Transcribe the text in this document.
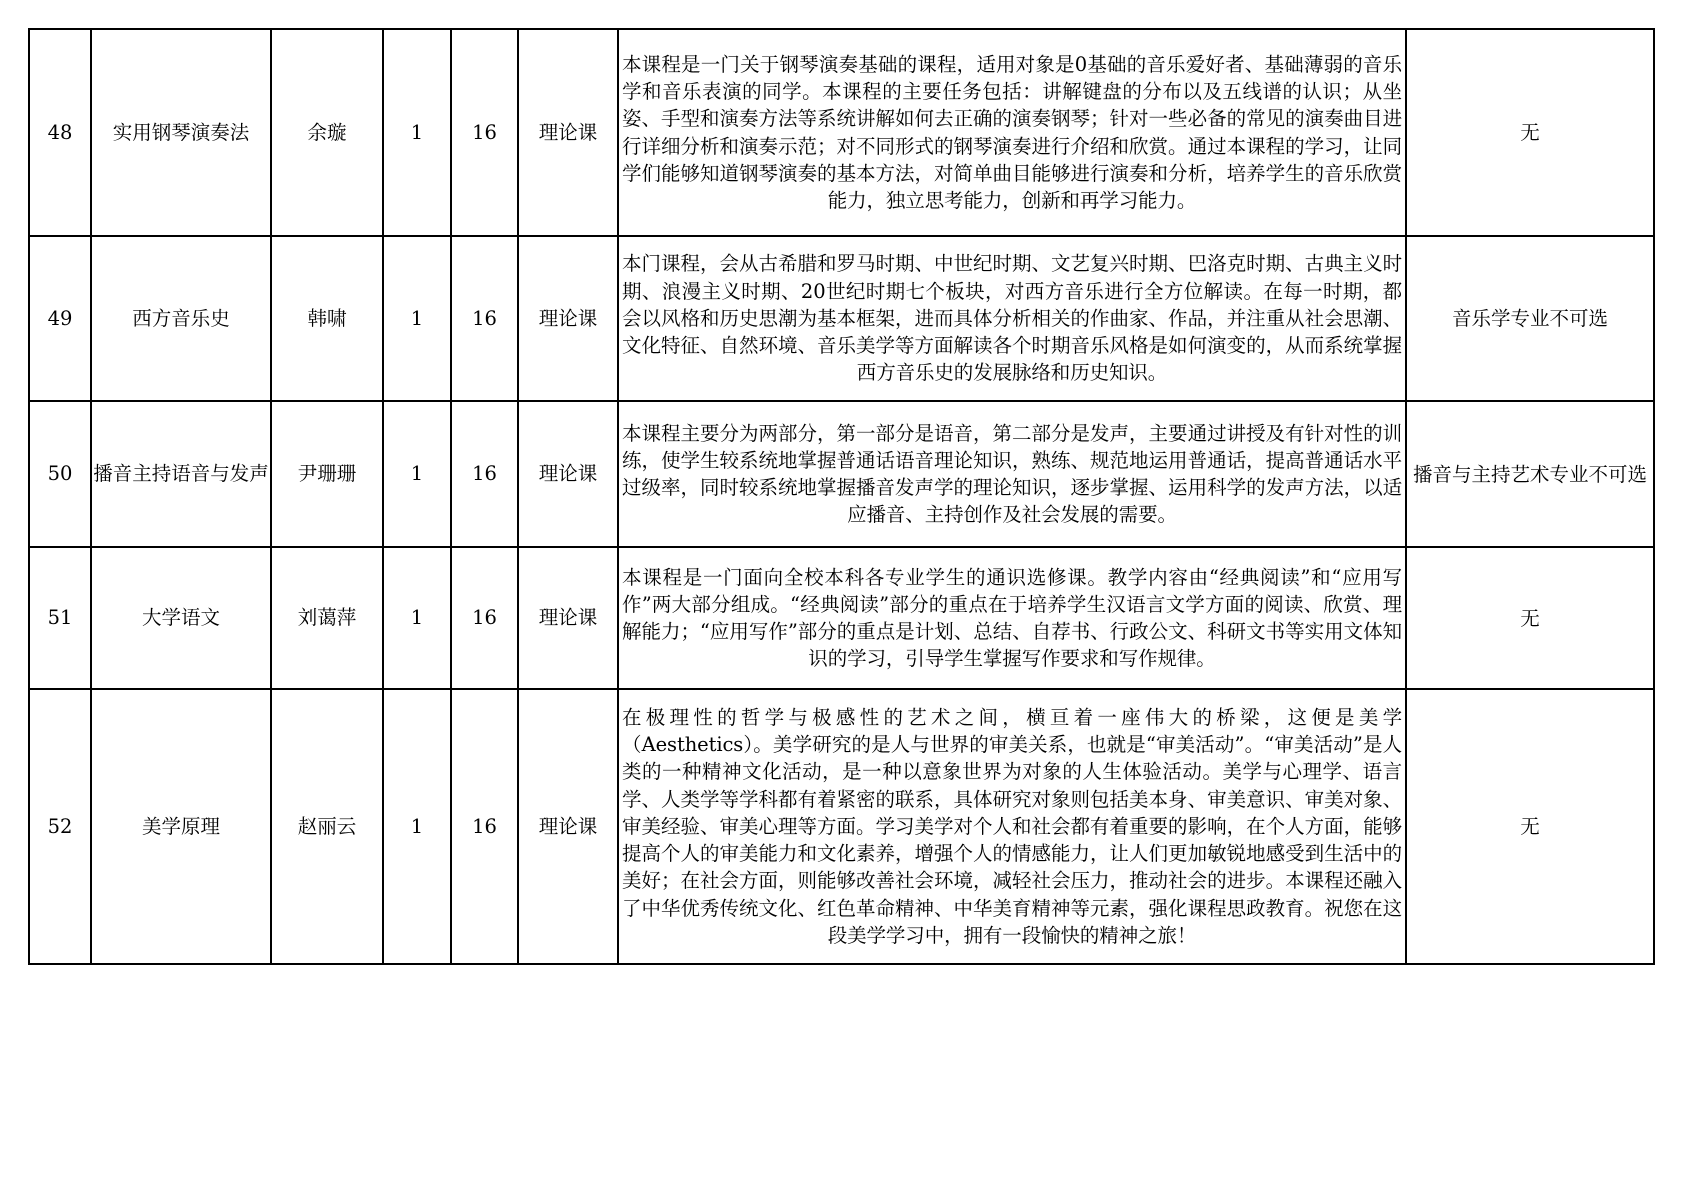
48	实用钢琴演奏法	余璇	1	16	理论课	本课程是一门关于钢琴演奏基础的课程，适用对象是0基础的音乐爱好者、基础薄弱的音乐学和音乐表演的同学。本课程的主要任务包括：讲解键盘的分布以及五线谱的认识；从坐姿、手型和演奏方法等系统讲解如何去正确的演奏钢琴；针对一些必备的常见的演奏曲目进行详细分析和演奏示范；对不同形式的钢琴演奏进行介绍和欣赏。通过本课程的学习，让同学们能够知道钢琴演奏的基本方法，对简单曲目能够进行演奏和分析，培养学生的音乐欣赏能力，独立思考能力，创新和再学习能力。	无
49	西方音乐史	韩啸	1	16	理论课	本门课程，会从古希腊和罗马时期、中世纪时期、文艺复兴时期、巴洛克时期、古典主义时期、浪漫主义时期、20世纪时期七个板块，对西方音乐进行全方位解读。在每一时期，都会以风格和历史思潮为基本框架，进而具体分析相关的作曲家、作品，并注重从社会思潮、文化特征、自然环境、音乐美学等方面解读各个时期音乐风格是如何演变的，从而系统掌握西方音乐史的发展脉络和历史知识。	音乐学专业不可选
50	播音主持语音与发声	尹珊珊	1	16	理论课	本课程主要分为两部分，第一部分是语音，第二部分是发声，主要通过讲授及有针对性的训练，使学生较系统地掌握普通话语音理论知识，熟练、规范地运用普通话，提高普通话水平过级率，同时较系统地掌握播音发声学的理论知识，逐步掌握、运用科学的发声方法，以适应播音、主持创作及社会发展的需要。	播音与主持艺术专业不可选
51	大学语文	刘蔼萍	1	16	理论课	本课程是一门面向全校本科各专业学生的通识选修课。教学内容由“经典阅读”和“应用写作”两大部分组成。“经典阅读”部分的重点在于培养学生汉语言文学方面的阅读、欣赏、理解能力；“应用写作”部分的重点是计划、总结、自荐书、行政公文、科研文书等实用文体知识的学习，引导学生掌握写作要求和写作规律。	无
52	美学原理	赵丽云	1	16	理论课	在极理性的哲学与极感性的艺术之间，横亘着一座伟大的桥梁，这便是美学（Aesthetics）。美学研究的是人与世界的审美关系，也就是“审美活动”。“审美活动”是人类的一种精神文化活动，是一种以意象世界为对象的人生体验活动。美学与心理学、语言学、人类学等学科都有着紧密的联系，具体研究对象则包括美本身、审美意识、审美对象、审美经验、审美心理等方面。学习美学对个人和社会都有着重要的影响，在个人方面，能够提高个人的审美能力和文化素养，增强个人的情感能力，让人们更加敏锐地感受到生活中的美好；在社会方面，则能够改善社会环境，减轻社会压力，推动社会的进步。本课程还融入了中华优秀传统文化、红色革命精神、中华美育精神等元素，强化课程思政教育。祝您在这段美学学习中，拥有一段愉快的精神之旅！	无
